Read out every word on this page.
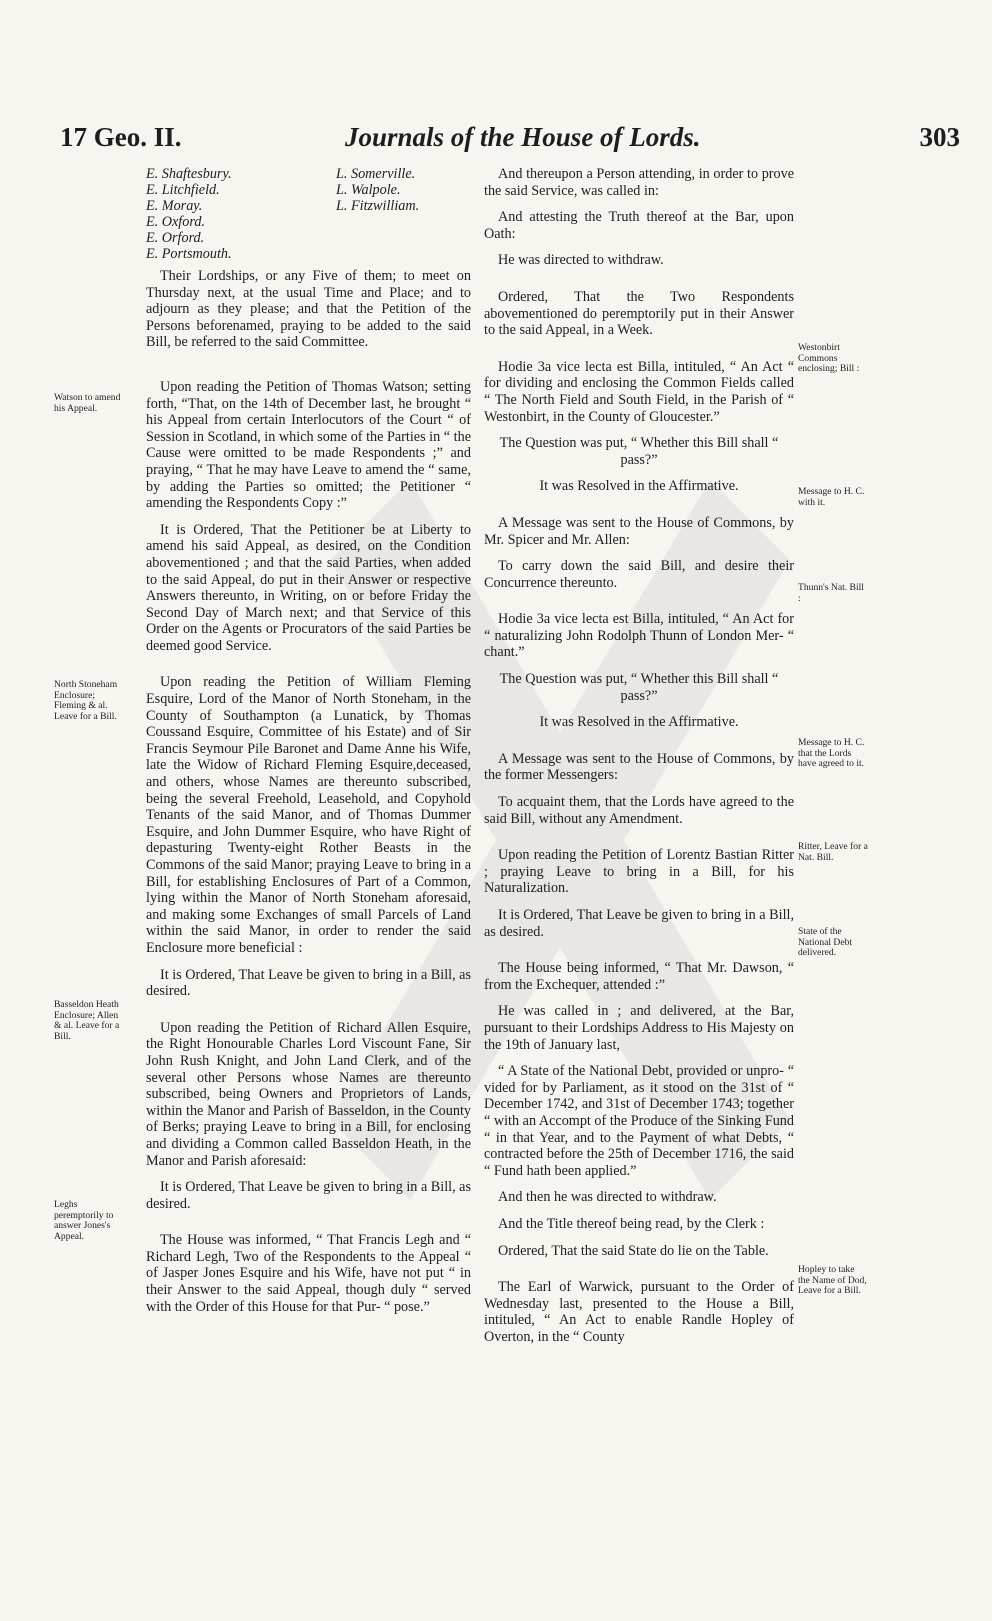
17 Geo. II.	Journals of the House of Lords.	303
E. Shaftesbury.
E. Litchfield.
E. Moray.
E. Oxford.
E. Orford.
E. Portsmouth.
L. Somerville.
L. Walpole.
L. Fitzwilliam.

Their Lordships, or any Five of them; to meet on Thursday next, at the usual Time and Place; and to adjourn as they please; and that the Petition of the Persons beforenamed, praying to be added to the said Bill, be referred to the said Committee.

Upon reading the Petition of Thomas Watson; setting forth, “That, on the 14th of December last, he brought “ his Appeal from certain Interlocutors of the Court “ of Session in Scotland, in which some of the Parties in “ the Cause were omitted to be made Respondents ;” and praying, “ That he may have Leave to amend the “ same, by adding the Parties so omitted; the Petitioner “ amending the Respondents Copy :”

It is Ordered, That the Petitioner be at Liberty to amend his said Appeal, as desired, on the Condition abovementioned ; and that the said Parties, when added to the said Appeal, do put in their Answer or respective Answers thereunto, in Writing, on or before Friday the Second Day of March next; and that Service of this Order on the Agents or Procurators of the said Parties be deemed good Service.

Upon reading the Petition of William Fleming Esquire, Lord of the Manor of North Stoneham, in the County of Southampton (a Lunatick, by Thomas Coussand Esquire, Committee of his Estate) and of Sir Francis Seymour Pile Baronet and Dame Anne his Wife, late the Widow of Richard Fleming Esquire,deceased, and others, whose Names are thereunto subscribed, being the several Freehold, Leasehold, and Copyhold Tenants of the said Manor, and of Thomas Dummer Esquire, and John Dummer Esquire, who have Right of depasturing Twenty-eight Rother Beasts in the Commons of the said Manor; praying Leave to bring in a Bill, for establishing Enclosures of Part of a Common, lying within the Manor of North Stoneham aforesaid, and making some Exchanges of small Parcels of Land within the said Manor, in order to render the said Enclosure more beneficial :

It is Ordered, That Leave be given to bring in a Bill, as desired.

Upon reading the Petition of Richard Allen Esquire, the Right Honourable Charles Lord Viscount Fane, Sir John Rush Knight, and John Land Clerk, and of the several other Persons whose Names are thereunto subscribed, being Owners and Proprietors of Lands, within the Manor and Parish of Basseldon, in the County of Berks; praying Leave to bring in a Bill, for enclosing and dividing a Common called Basseldon Heath, in the Manor and Parish aforesaid:

It is Ordered, That Leave be given to bring in a Bill, as desired.

The House was informed, “ That Francis Legh and “ Richard Legh, Two of the Respondents to the Appeal “ of Jasper Jones Esquire and his Wife, have not put “ in their Answer to the said Appeal, though duly “ served with the Order of this House for that Pur- “ pose.”

And thereupon a Person attending, in order to prove the said Service, was called in:

And attesting the Truth thereof at the Bar, upon Oath:

He was directed to withdraw.

Ordered, That the Two Respondents abovementioned do peremptorily put in their Answer to the said Appeal, in a Week.

Hodie 3a vice lecta est Billa, intituled, “ An Act “ for dividing and enclosing the Common Fields called “ The North Field and South Field, in the Parish of “ Westonbirt, in the County of Gloucester.”

The Question was put, “ Whether this Bill shall “ pass?”

It was Resolved in the Affirmative.

A Message was sent to the House of Commons, by Mr. Spicer and Mr. Allen:

To carry down the said Bill, and desire their Concurrence thereunto.

Hodie 3a vice lecta est Billa, intituled, “ An Act for “ naturalizing John Rodolph Thunn of London Mer- “ chant.”

The Question was put, “ Whether this Bill shall “ pass?”

It was Resolved in the Affirmative.

A Message was sent to the House of Commons, by the former Messengers:

To acquaint them, that the Lords have agreed to the said Bill, without any Amendment.

Upon reading the Petition of Lorentz Bastian Ritter ; praying Leave to bring in a Bill, for his Naturalization.

It is Ordered, That Leave be given to bring in a Bill, as desired.

The House being informed, “ That Mr. Dawson, “ from the Exchequer, attended :”

He was called in ; and delivered, at the Bar, pursuant to their Lordships Address to His Majesty on the 19th of January last,

“ A State of the National Debt, provided or unpro- “ vided for by Parliament, as it stood on the 31st of “ December 1742, and 31st of December 1743; together “ with an Accompt of the Produce of the Sinking Fund “ in that Year, and to the Payment of what Debts, “ contracted before the 25th of December 1716, the said “ Fund hath been applied.”

And then he was directed to withdraw.

And the Title thereof being read, by the Clerk :

Ordered, That the said State do lie on the Table.

The Earl of Warwick, pursuant to the Order of Wednesday last, presented to the House a Bill, intituled, “ An Act to enable Randle Hopley of Overton, in the “ County

Watson to amend his Appeal.
North Stoneham Enclosure; Fleming & al. Leave for a Bill.
Basseldon Heath Enclosure; Allen & al. Leave for a Bill.
Leghs peremptorily to answer Jones's Appeal.
Westonbirt Commons enclosing; Bill :
Message to H. C. with it.
Thunn's Nat. Bill :
Message to H. C. that the Lords have agreed to it.
Ritter, Leave for a Nat. Bill.
State of the National Debt delivered.
Hopley to take the Name of Dod, Leave for a Bill.
